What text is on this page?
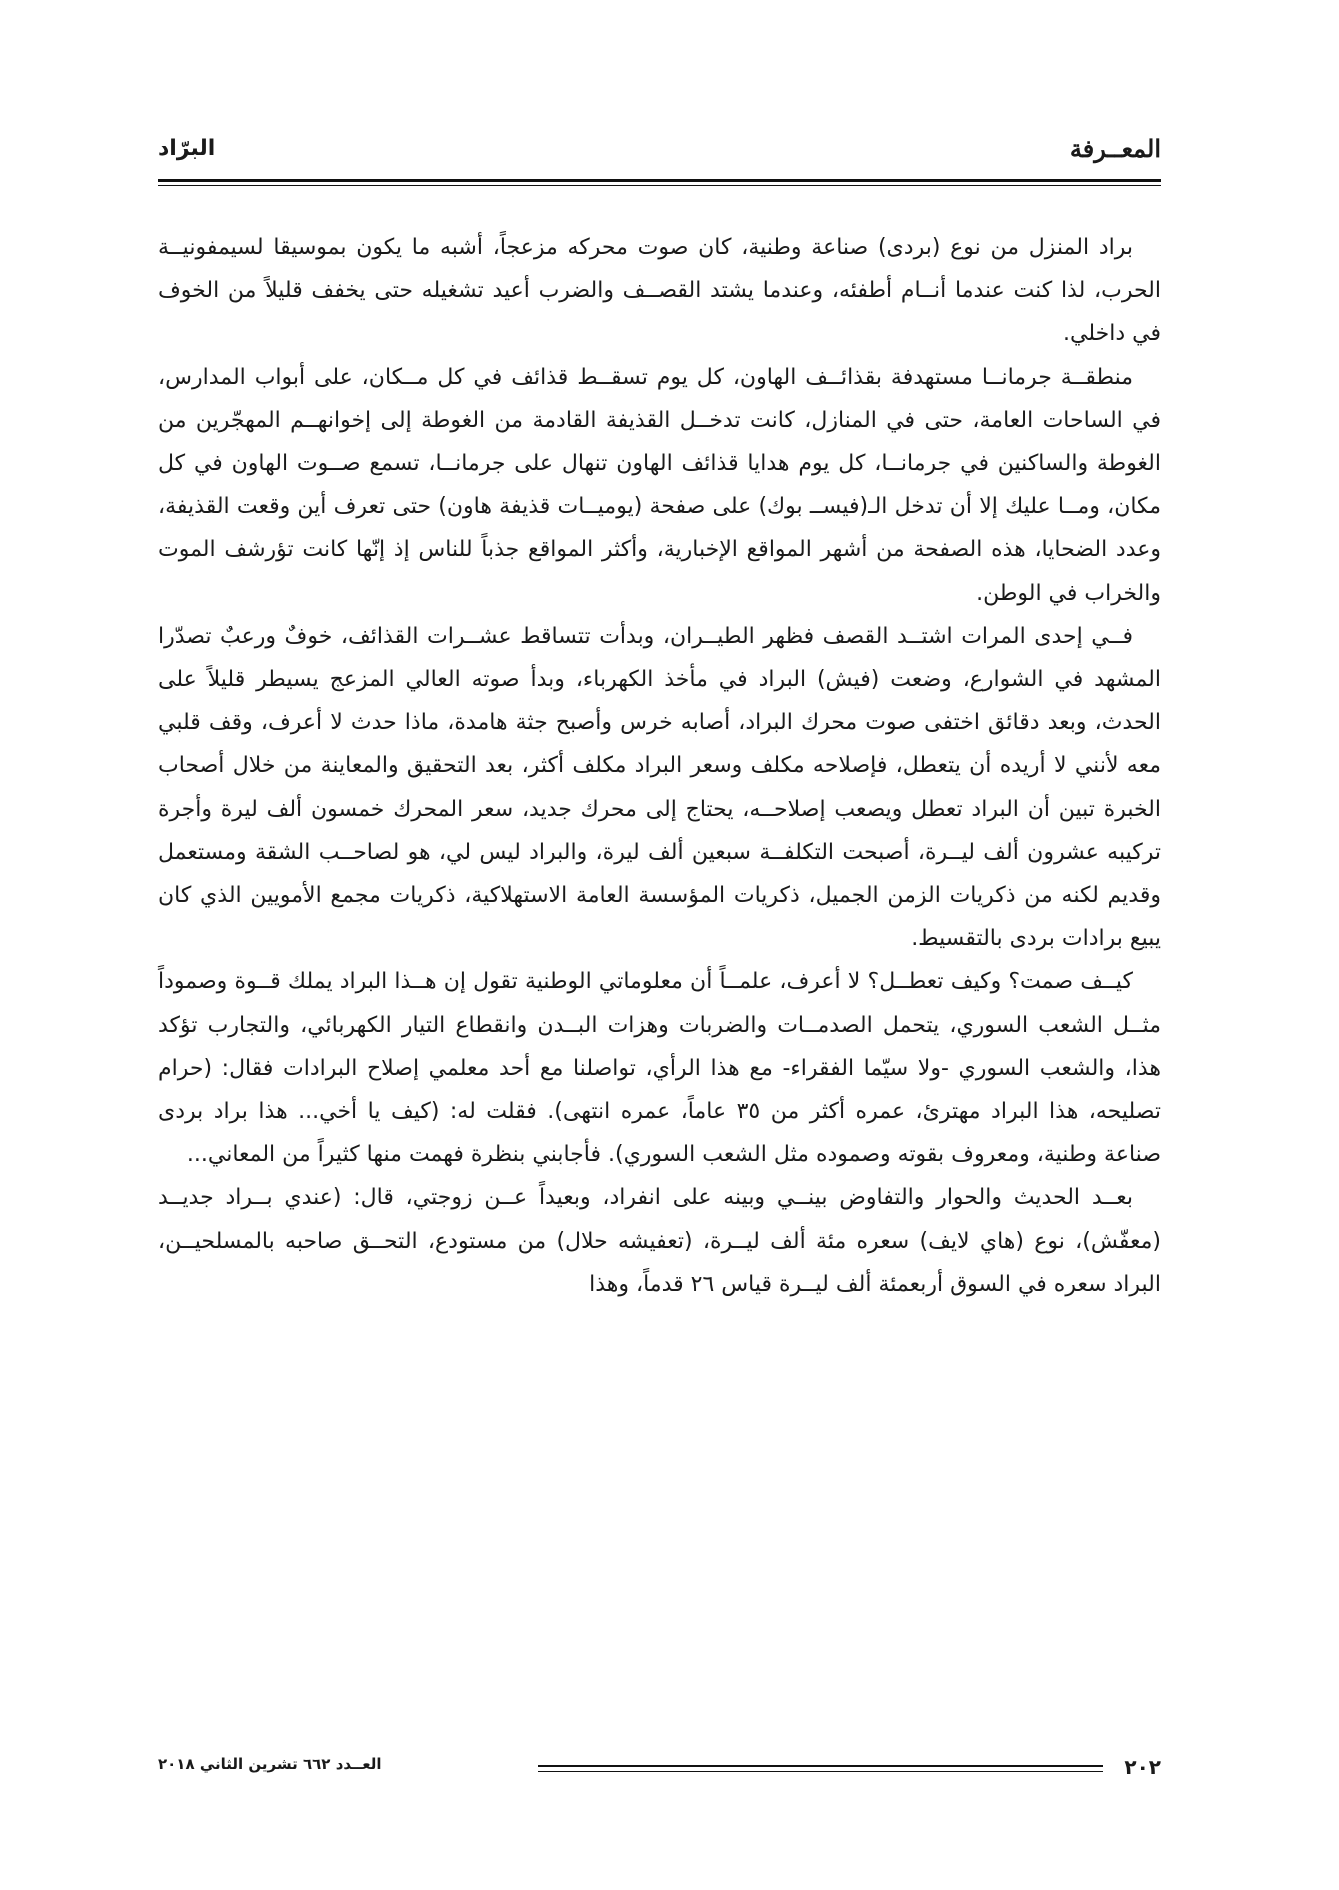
البرّاد	المعــرفة

براد المنزل من نوع (بردى) صناعة وطنية، كان صوت محركه مزعجاً، أشبه ما يكون بموسيقا لسيمفونيــة الحرب، لذا كنت عندما أنــام أطفئه، وعندما يشتد القصــف والضرب أعيد تشغيله حتى يخفف قليلاً من الخوف في داخلي.

منطقــة جرمانــا مستهدفة بقذائــف الهاون، كل يوم تسقــط قذائف في كل مــكان، على أبواب المدارس، في الساحات العامة، حتى في المنازل، كانت تدخــل القذيفة القادمة من الغوطة إلى إخوانهــم المهجّرين من الغوطة والساكنين في جرمانــا، كل يوم هدايا قذائف الهاون تنهال على جرمانــا، تسمع صــوت الهاون في كل مكان، ومــا عليك إلا أن تدخل الـ(فيســ بوك) على صفحة (يوميــات قذيفة هاون) حتى تعرف أين وقعت القذيفة، وعدد الضحايا، هذه الصفحة من أشهر المواقع الإخبارية، وأكثر المواقع جذباً للناس إذ إنّها كانت تؤرشف الموت والخراب في الوطن.

فــي إحدى المرات اشتــد القصف فظهر الطيــران، وبدأت تتساقط عشــرات القذائف، خوفٌ ورعبٌ تصدّرا المشهد في الشوارع، وضعت (فيش) البراد في مأخذ الكهرباء، وبدأ صوته العالي المزعج يسيطر قليلاً على الحدث، وبعد دقائق اختفى صوت محرك البراد، أصابه خرس وأصبح جثة هامدة، ماذا حدث لا أعرف، وقف قلبي معه لأنني لا أريده أن يتعطل، فإصلاحه مكلف وسعر البراد مكلف أكثر، بعد التحقيق والمعاينة من خلال أصحاب الخبرة تبين أن البراد تعطل ويصعب إصلاحــه، يحتاج إلى محرك جديد، سعر المحرك خمسون ألف ليرة وأجرة تركيبه عشرون ألف ليــرة، أصبحت التكلفــة سبعين ألف ليرة، والبراد ليس لي، هو لصاحــب الشقة ومستعمل وقديم لكنه من ذكريات الزمن الجميل، ذكريات المؤسسة العامة الاستهلاكية، ذكريات مجمع الأمويين الذي كان يبيع برادات بردى بالتقسيط.

كيــف صمت؟ وكيف تعطــل؟ لا أعرف، علمــاً أن معلوماتي الوطنية تقول إن هــذا البراد يملك قــوة وصموداً مثــل الشعب السوري، يتحمل الصدمــات والضربات وهزات البــدن وانقطاع التيار الكهربائي، والتجارب تؤكد هذا، والشعب السوري -ولا سيّما الفقراء- مع هذا الرأي، تواصلنا مع أحد معلمي إصلاح البرادات فقال: (حرام تصليحه، هذا البراد مهترئ، عمره أكثر من ٣٥ عاماً، عمره انتهى). فقلت له: (كيف يا أخي... هذا براد بردى صناعة وطنية، ومعروف بقوته وصموده مثل الشعب السوري). فأجابني بنظرة فهمت منها كثيراً من المعاني...

بعــد الحديث والحوار والتفاوض بينــي وبينه على انفراد، وبعيداً عــن زوجتي، قال: (عندي بــراد جديــد (معفّش)، نوع (هاي لايف) سعره مئة ألف ليــرة، (تعفيشه حلال) من مستودع، التحــق صاحبه بالمسلحيــن، البراد سعره في السوق أربعمئة ألف ليــرة قياس ٢٦ قدماً، وهذا

٢٠٢
العــدد ٦٦٢ تشرين الثاني ٢٠١٨
